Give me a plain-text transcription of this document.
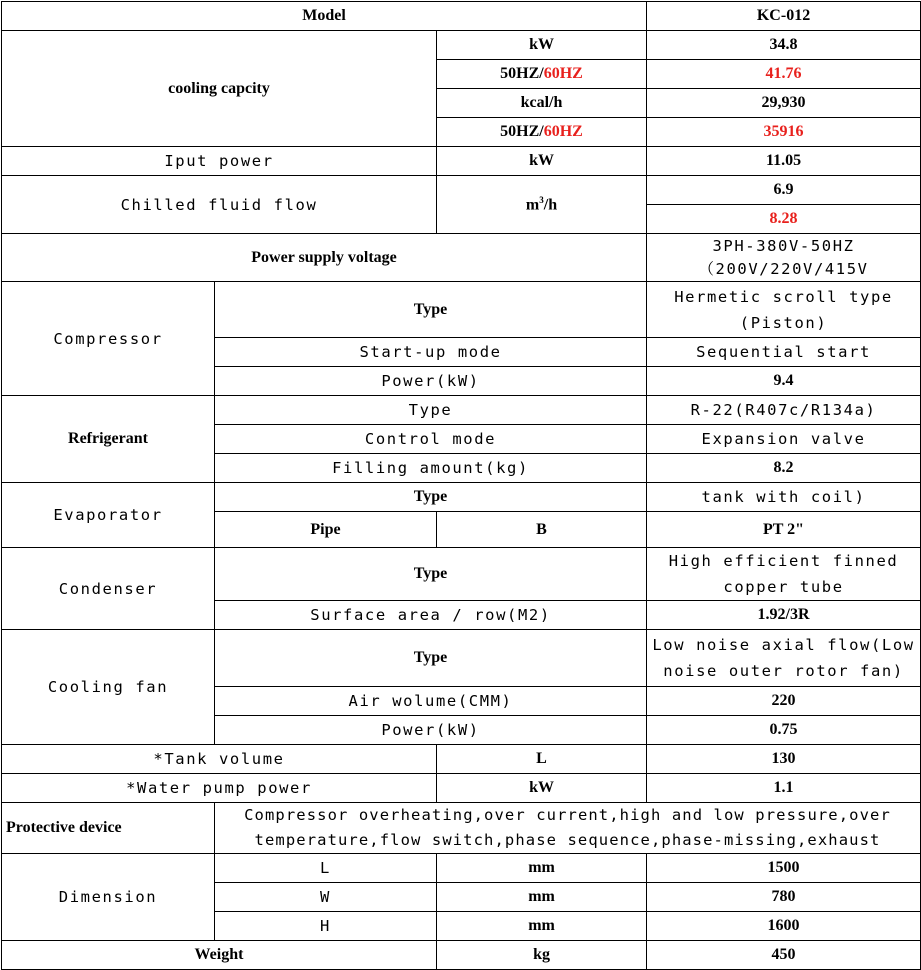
Model			KC-012
cooling capcity		kW	34.8
		50HZ/60HZ	41.76
		kcal/h	29,930
		50HZ/60HZ	35916
Iput power		kW	11.05
Chilled fluid flow		$m^3/h$	6.9
			8.28
Power supply voltage			3PH-380V-50HZ
（200V/220V/415V

Compressor	Type		Hermetic scroll type (Piston)
	Start-up mode		Sequential start
	Power(kW)		9.4
Refrigerant	Type		R-22(R407c/R134a)
	Control mode		Expansion valve
	Filling amount(kg)		8.2
Evaporator	Type		tank with coil)
	Pipe	B	PT 2"
Condenser	Type		High efficient finned copper tube
	Surface area / row(M2)		1.92/3R
Cooling fan	Type		Low noise axial flow(Low noise outer rotor fan)
	Air wolume(CMM)		220
	Power(kW)		0.75
*Tank volume		L	130
*Water pump power		kW	1.1
Protective device	Compressor overheating,over current,high and low pressure,over temperature,flow switch,phase sequence,phase-missing,exhaust		
Dimension	L	mm	1500
	W	mm	780
	H	mm	1600
Weight		kg	450
